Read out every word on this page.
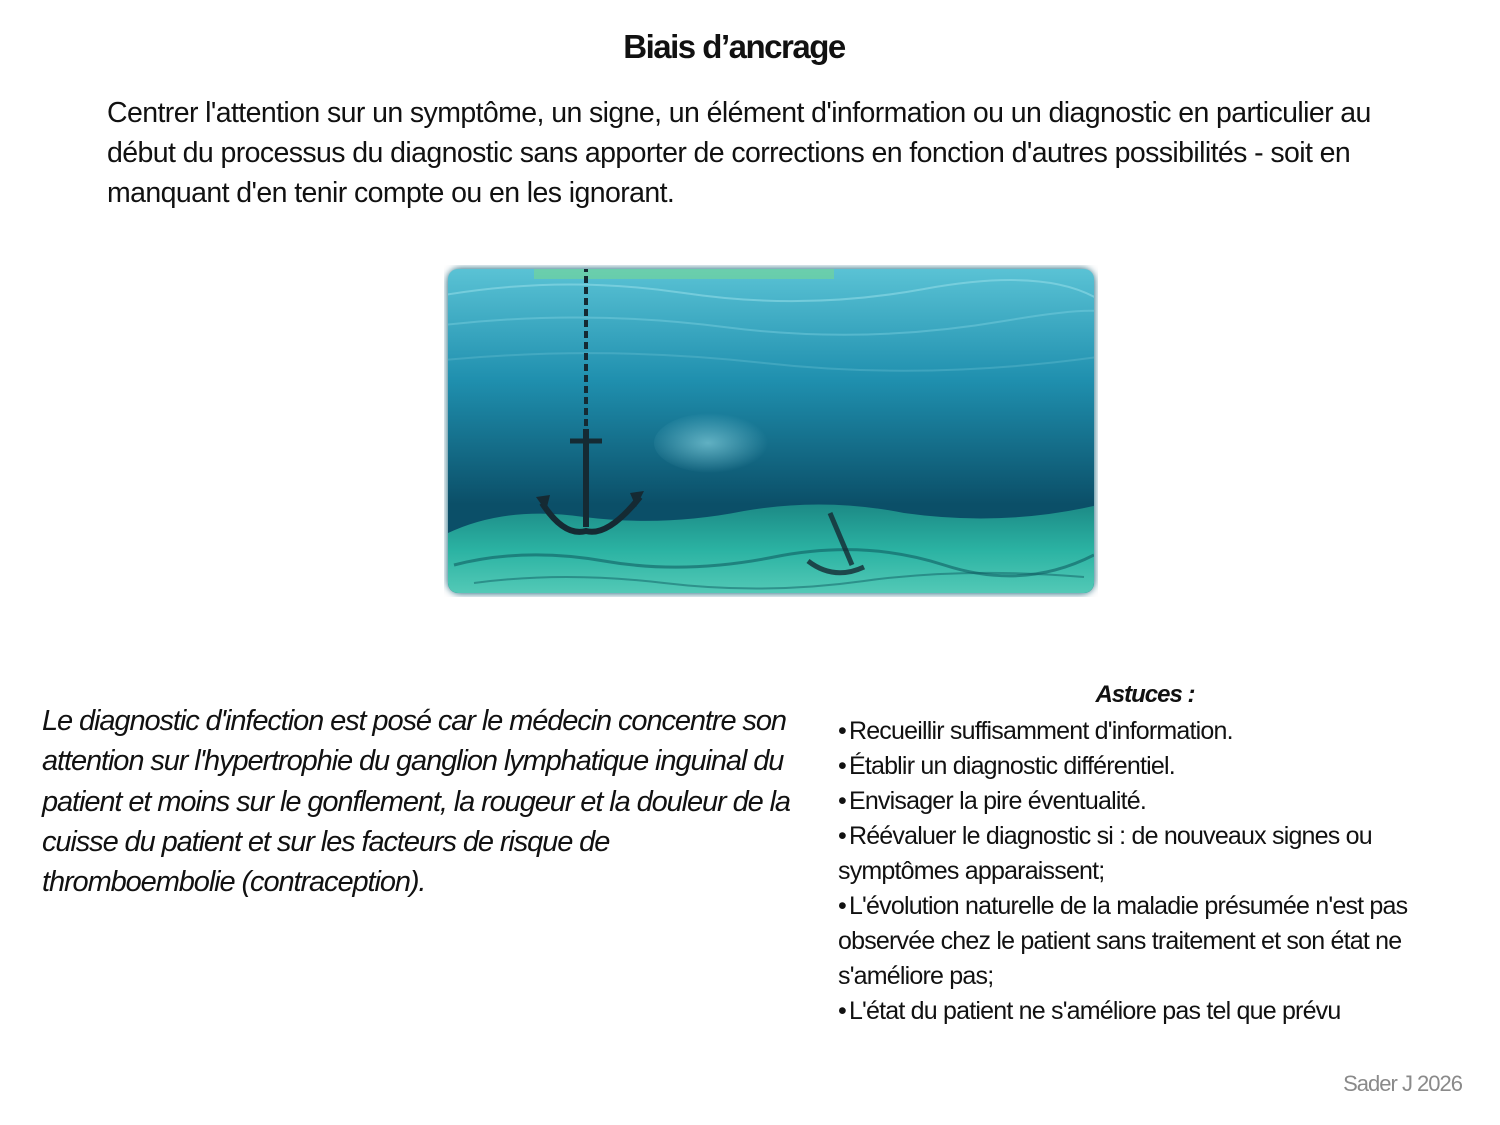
Biais d’ancrage

Centrer l'attention sur un symptôme, un signe, un élément d'information ou un diagnostic en particulier au début du processus du diagnostic sans apporter de corrections en fonction d'autres possibilités - soit en manquant d'en tenir compte ou en les ignorant.

Le diagnostic d'infection est posé car le médecin concentre son attention sur l'hypertrophie du ganglion lymphatique inguinal du patient et moins sur le gonflement, la rougeur et la douleur de la cuisse du patient et sur les facteurs de risque de thromboembolie (contraception).

Astuces :
• Recueillir suffisamment d'information.
• Établir un diagnostic différentiel.
• Envisager la pire éventualité.
• Réévaluer le diagnostic si : de nouveaux signes ou symptômes apparaissent;
• L'évolution naturelle de la maladie présumée n'est pas observée chez le patient sans traitement et son état ne s'améliore pas;
• L'état du patient ne s'améliore pas tel que prévu

Sader J 2026
